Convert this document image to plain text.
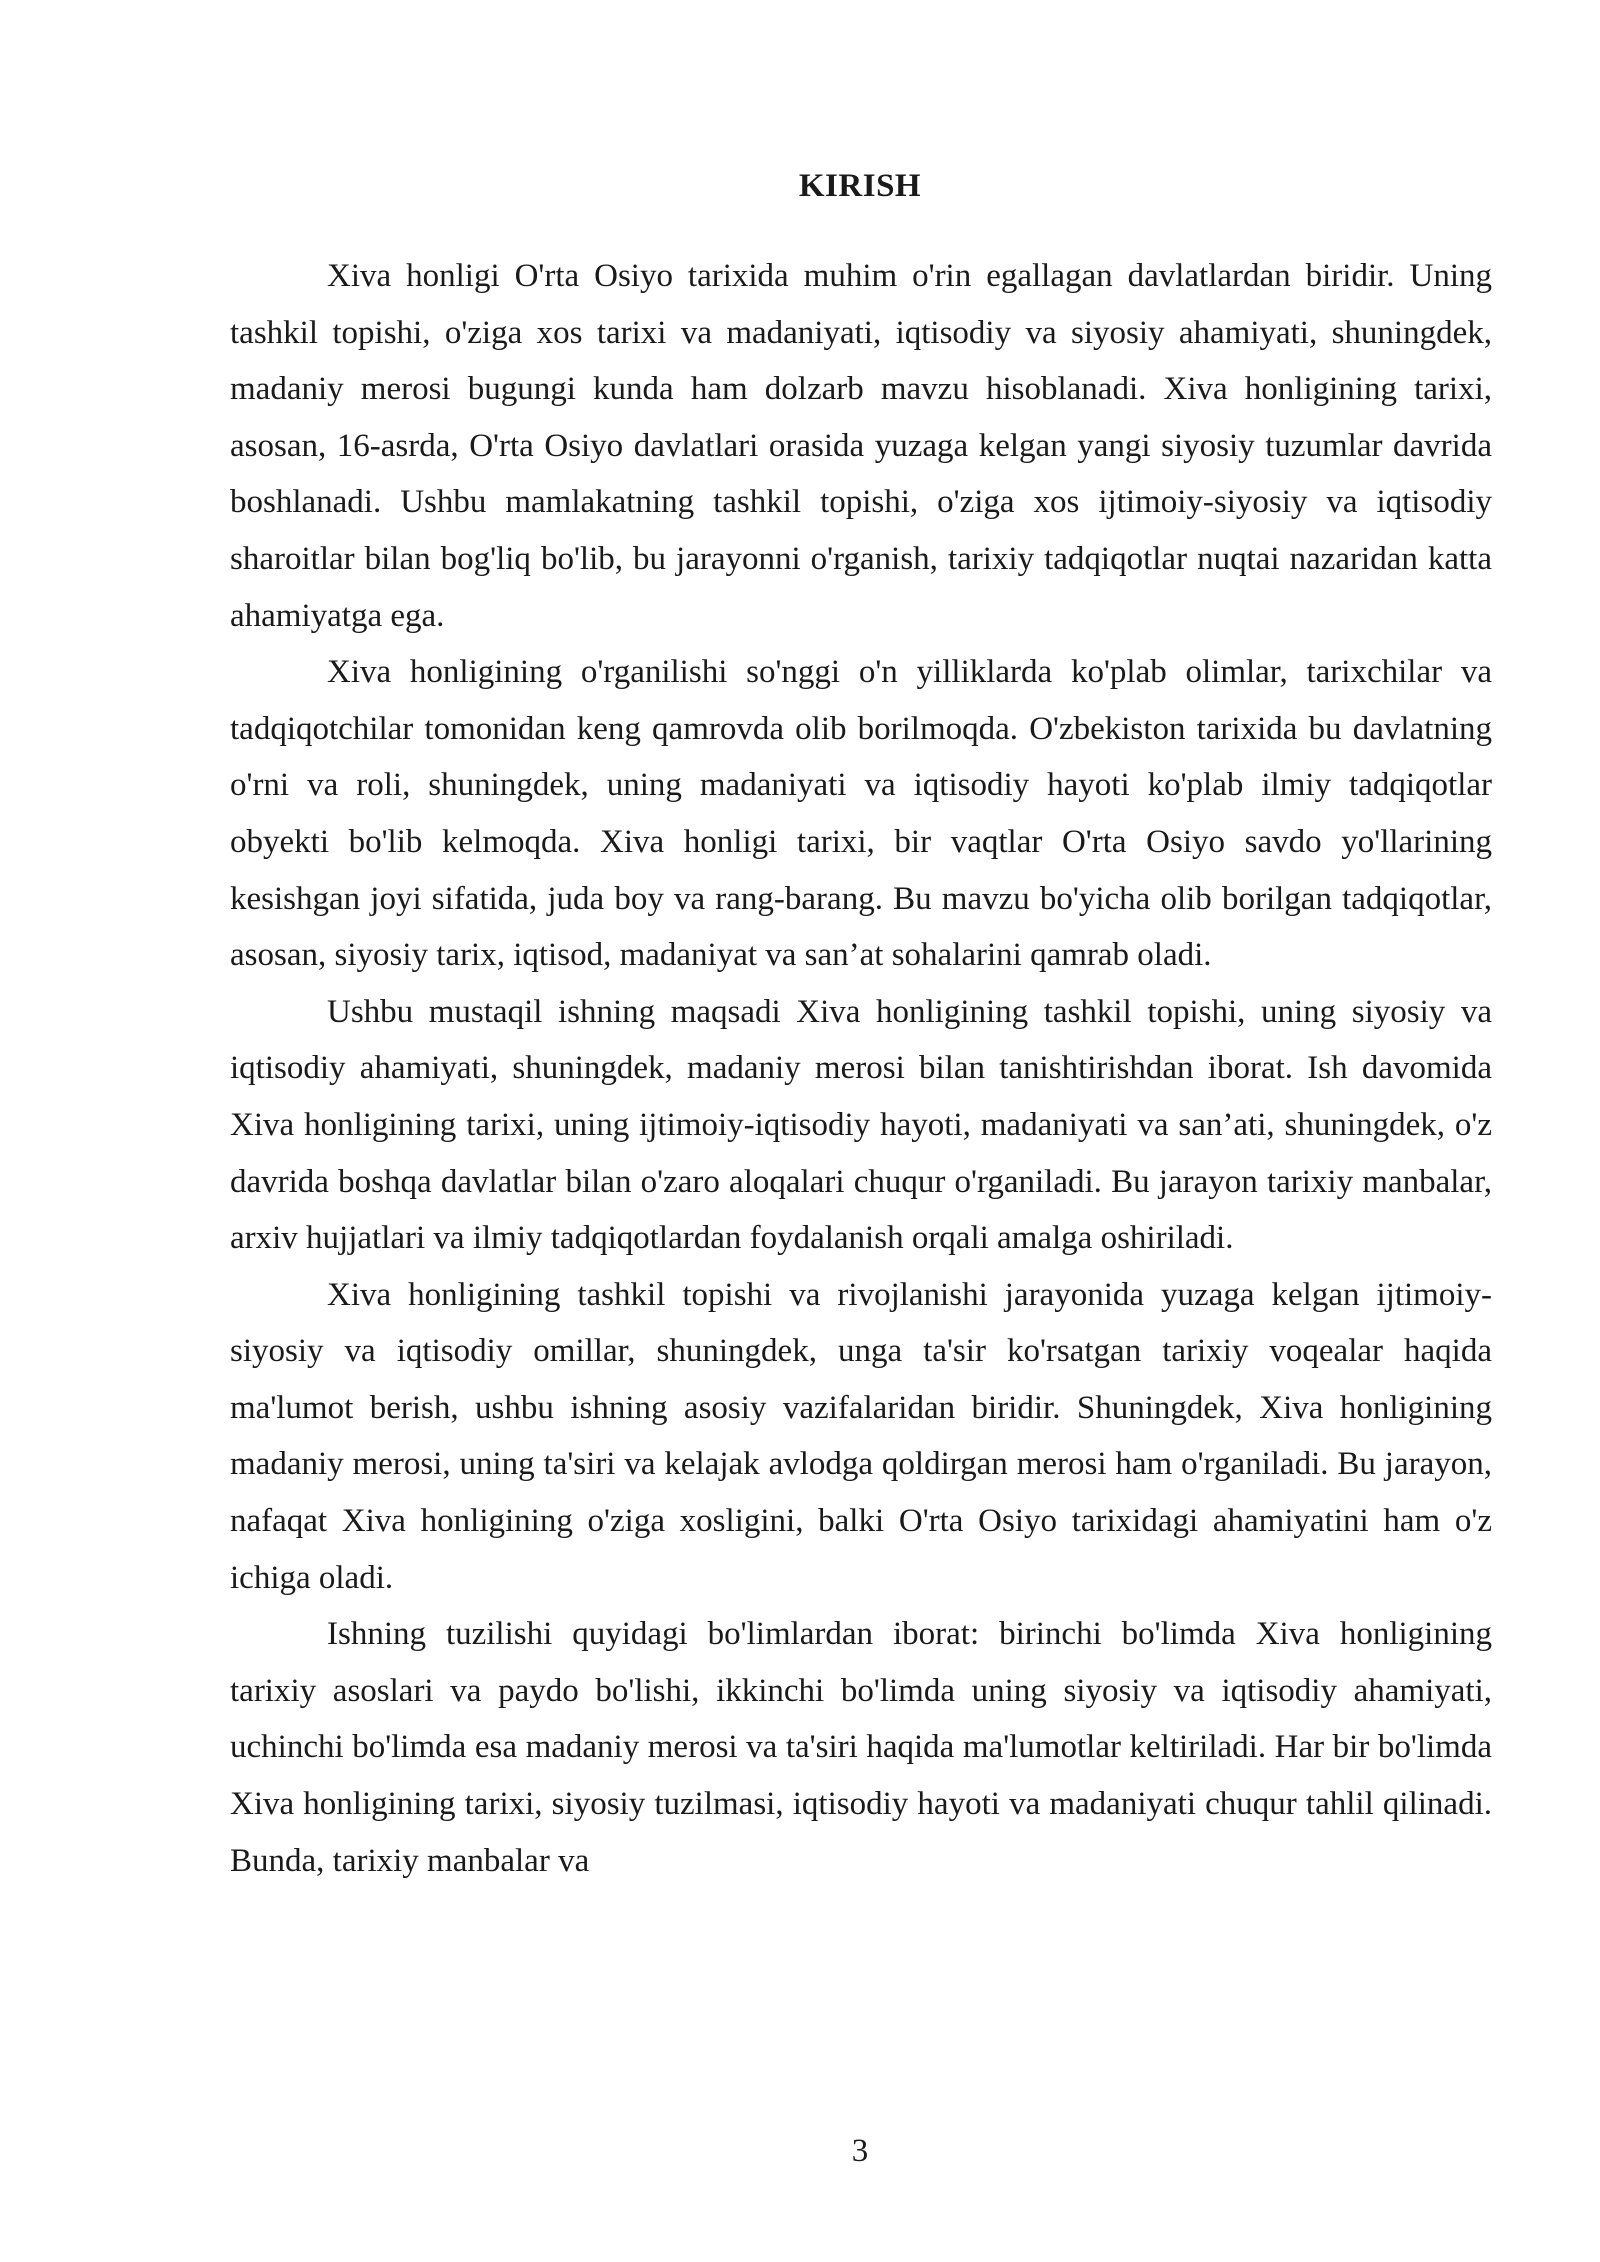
KIRISH

Xiva honligi O'rta Osiyo tarixida muhim o'rin egallagan davlatlardan biridir. Uning tashkil topishi, o'ziga xos tarixi va madaniyati, iqtisodiy va siyosiy ahamiyati, shuningdek, madaniy merosi bugungi kunda ham dolzarb mavzu hisoblanadi. Xiva honligining tarixi, asosan, 16-asrda, O'rta Osiyo davlatlari orasida yuzaga kelgan yangi siyosiy tuzumlar davrida boshlanadi. Ushbu mamlakatning tashkil topishi, o'ziga xos ijtimoiy-siyosiy va iqtisodiy sharoitlar bilan bog'liq bo'lib, bu jarayonni o'rganish, tarixiy tadqiqotlar nuqtai nazaridan katta ahamiyatga ega.

Xiva honligining o'rganilishi so'nggi o'n yilliklarda ko'plab olimlar, tarixchilar va tadqiqotchilar tomonidan keng qamrovda olib borilmoqda. O'zbekiston tarixida bu davlatning o'rni va roli, shuningdek, uning madaniyati va iqtisodiy hayoti ko'plab ilmiy tadqiqotlar obyekti bo'lib kelmoqda. Xiva honligi tarixi, bir vaqtlar O'rta Osiyo savdo yo'llarining kesishgan joyi sifatida, juda boy va rang-barang. Bu mavzu bo'yicha olib borilgan tadqiqotlar, asosan, siyosiy tarix, iqtisod, madaniyat va san’at sohalarini qamrab oladi.

Ushbu mustaqil ishning maqsadi Xiva honligining tashkil topishi, uning siyosiy va iqtisodiy ahamiyati, shuningdek, madaniy merosi bilan tanishtirishdan iborat. Ish davomida Xiva honligining tarixi, uning ijtimoiy-iqtisodiy hayoti, madaniyati va san’ati, shuningdek, o'z davrida boshqa davlatlar bilan o'zaro aloqalari chuqur o'rganiladi. Bu jarayon tarixiy manbalar, arxiv hujjatlari va ilmiy tadqiqotlardan foydalanish orqali amalga oshiriladi.

Xiva honligining tashkil topishi va rivojlanishi jarayonida yuzaga kelgan ijtimoiy-siyosiy va iqtisodiy omillar, shuningdek, unga ta'sir ko'rsatgan tarixiy voqealar haqida ma'lumot berish, ushbu ishning asosiy vazifalaridan biridir. Shuningdek, Xiva honligining madaniy merosi, uning ta'siri va kelajak avlodga qoldirgan merosi ham o'rganiladi. Bu jarayon, nafaqat Xiva honligining o'ziga xosligini, balki O'rta Osiyo tarixidagi ahamiyatini ham o'z ichiga oladi.

Ishning tuzilishi quyidagi bo'limlardan iborat: birinchi bo'limda Xiva honligining tarixiy asoslari va paydo bo'lishi, ikkinchi bo'limda uning siyosiy va iqtisodiy ahamiyati, uchinchi bo'limda esa madaniy merosi va ta'siri haqida ma'lumotlar keltiriladi. Har bir bo'limda Xiva honligining tarixi, siyosiy tuzilmasi, iqtisodiy hayoti va madaniyati chuqur tahlil qilinadi. Bunda, tarixiy manbalar va

3
